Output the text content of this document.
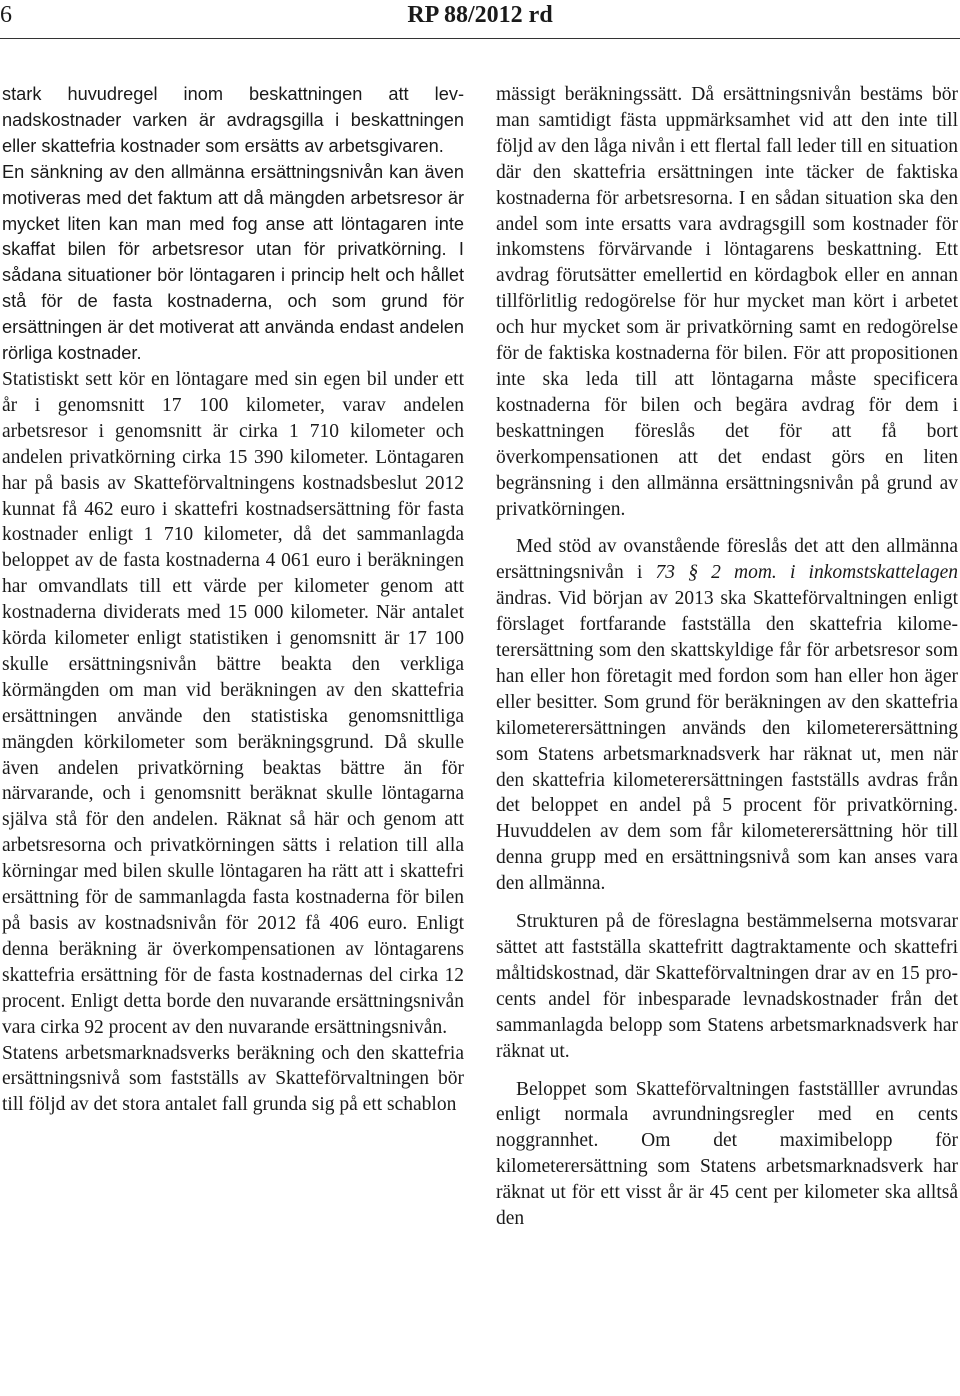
6	RP 88/2012 rd

stark huvudregel inom beskattningen att levnadskostnader varken är avdragsgilla i beskattningen eller skattefria kostnader som ersätts av arbetsgivaren.

En sänkning av den allmänna ersättningsnivån kan även motiveras med det faktum att då mängden arbetsresor är mycket liten kan man med fog anse att löntagaren inte skaffat bilen för arbetsresor utan för privatkörning. I sådana situationer bör löntagaren i princip helt och hållet stå för de fasta kostnaderna, och som grund för ersättningen är det motiverat att använda endast andelen rörliga kostnader.

Statistiskt sett kör en löntagare med sin egen bil under ett år i genomsnitt 17 100 kilometer, varav andelen arbetsresor i genomsnitt är cirka 1 710 kilometer och andelen privatkörning cirka 15 390 kilometer. Löntagaren har på basis av Skatteförvaltningens kostnadsbeslut 2012 kunnat få 462 euro i skattefri kostnadsersättning för fasta kostnader enligt 1 710 kilometer, då det sammanlagda beloppet av de fasta kostnaderna 4 061 euro i beräkningen har omvandlats till ett värde per kilometer genom att kostnaderna dividerats med 15 000 kilometer. När antalet körda kilometer enligt statistiken i genomsnitt är 17 100 skulle ersättningsnivån bättre beakta den verkliga körmängden om man vid beräkningen av den skattefria ersättningen använde den statistiska genomsnittliga mängden körkilometer som beräkningsgrund. Då skulle även andelen privatkörning beaktas bättre än för närvarande, och i genomsnitt beräknat skulle löntagarna själva stå för den andelen. Räknat så här och genom att arbetsresorna och privatkörningen sätts i relation till alla körningar med bilen skulle löntagaren ha rätt att i skattefri ersättning för de sammanlagda fasta kostnaderna för bilen på basis av kostnadsnivån för 2012 få 406 euro. Enligt denna beräkning är överkompensationen av löntagarens skattefria ersättning för de fasta kostnadernas del cirka 12 procent. Enligt detta borde den nuvarande ersättningsnivån vara cirka 92 procent av den nuvarande ersättningsnivån.

Statens arbetsmarknadsverks beräkning och den skattefria ersättningsnivå som fastställs av Skatteförvaltningen bör till följd av det stora antalet fall grunda sig på ett schablon

mässigt beräkningssätt. Då ersättningsnivån bestäms bör man samtidigt fästa uppmärksamhet vid att den inte till följd av den låga nivån i ett flertal fall leder till en situation där den skattefria ersättningen inte täcker de faktiska kostnaderna för arbetsresorna. I en sådan situation ska den andel som inte ersatts vara avdragsgill som kostnader för inkomstens förvärvande i löntagarens beskattning. Ett avdrag förutsätter emellertid en kördagbok eller en annan tillförlitlig redogörelse för hur mycket man kört i arbetet och hur mycket som är privatkörning samt en redogörelse för de faktiska kostnaderna för bilen. För att propositionen inte ska leda till att löntagarna måste specificera kostnaderna för bilen och begära avdrag för dem i beskattningen föreslås det för att få bort överkompensationen att det endast görs en liten begränsning i den allmänna ersättningsnivån på grund av privatkörningen.

Med stöd av ovanstående föreslås det att den allmänna ersättningsnivån i 73 § 2 mom. i inkomstskattelagen ändras. Vid början av 2013 ska Skatteförvaltningen enligt förslaget fortfarande fastställa den skattefria kilometerersättning som den skattskyldige får för arbetsresor som han eller hon företagit med fordon som han eller hon äger eller besitter. Som grund för beräkningen av den skattefria kilometerersättningen används den kilometerersättning som Statens arbetsmarknadsverk har räknat ut, men när den skattefria kilometerersättningen fastställs avdras från det beloppet en andel på 5 procent för privatkörning. Huvuddelen av dem som får kilometerersättning hör till denna grupp med en ersättningsnivå som kan anses vara den allmänna.

Strukturen på de föreslagna bestämmelserna motsvarar sättet att fastställa skattefritt dagtraktamente och skattefri måltidskostnad, där Skatteförvaltningen drar av en 15 procents andel för inbesparade levnadskostnader från det sammanlagda belopp som Statens arbetsmarknadsverk har räknat ut.

Beloppet som Skatteförvaltningen fastställler avrundas enligt normala avrundningsregler med en cents noggrannhet. Om det maximibelopp för kilometerersättning som Statens arbetsmarknadsverk har räknat ut för ett visst år är 45 cent per kilometer ska alltså den
